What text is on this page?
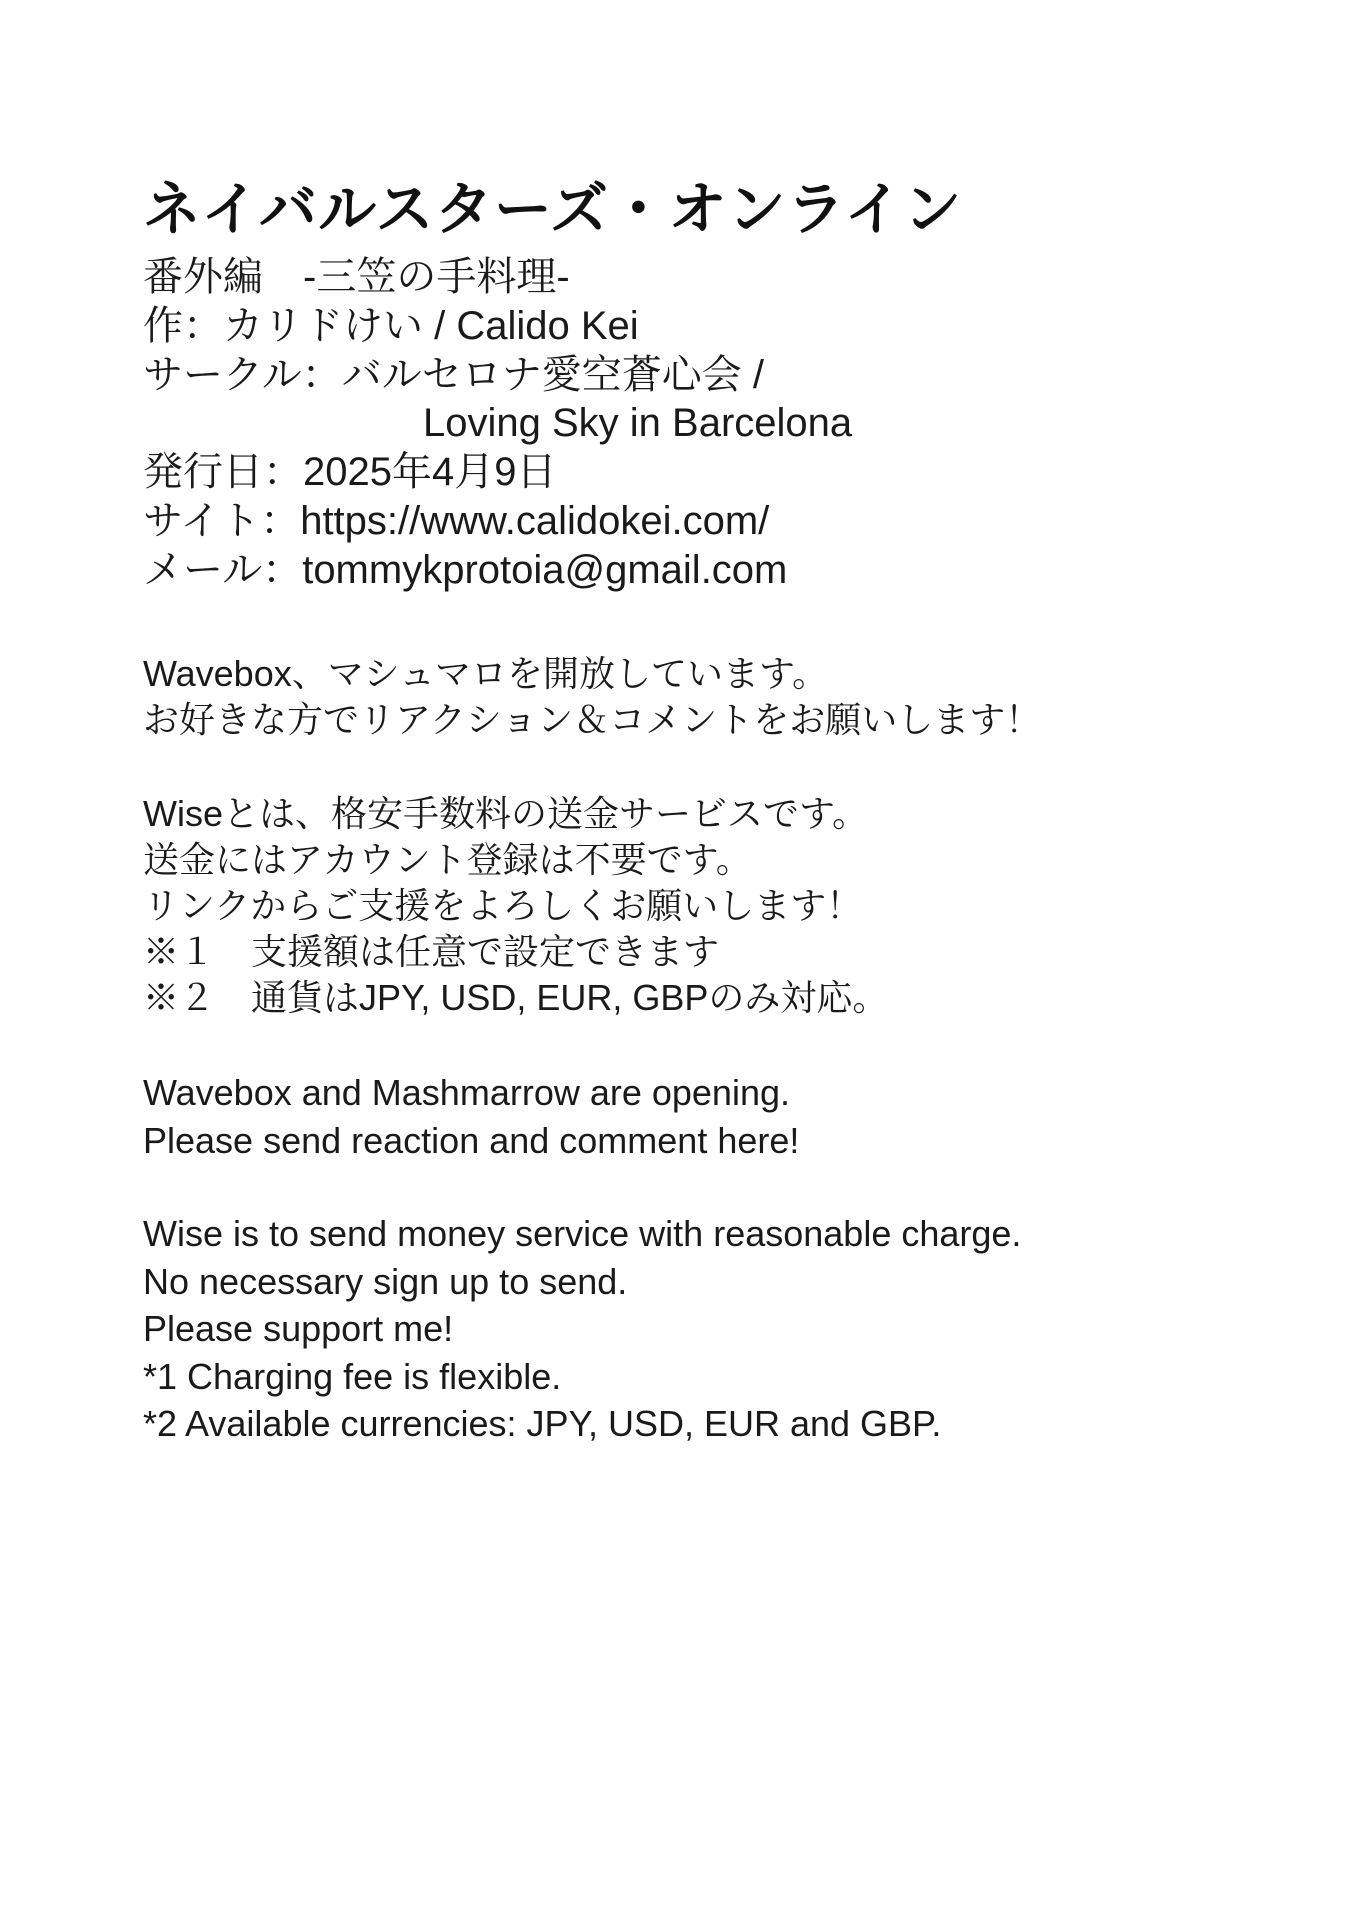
ネイバルスターズ・オンライン
番外編　-三笠の手料理-
作：カリドけい / Calido Kei
サークル：バルセロナ愛空蒼心会 /
Loving Sky in Barcelona
発行日：2025年4月9日
サイト：https://www.calidokei.com/
メール：tommykprotoia@gmail.com
Wavebox、マシュマロを開放しています。
お好きな方でリアクション＆コメントをお願いします！
Wiseとは、格安手数料の送金サービスです。
送金にはアカウント登録は不要です。
リンクからご支援をよろしくお願いします！
※１　支援額は任意で設定できます
※２　通貨はJPY, USD, EUR, GBPのみ対応。
Wavebox and Mashmarrow are opening.
Please send reaction and comment here!
Wise is to send money service with reasonable charge.
No necessary sign up to send.
Please support me!
*1 Charging fee is flexible.
*2 Available currencies: JPY, USD, EUR and GBP.
